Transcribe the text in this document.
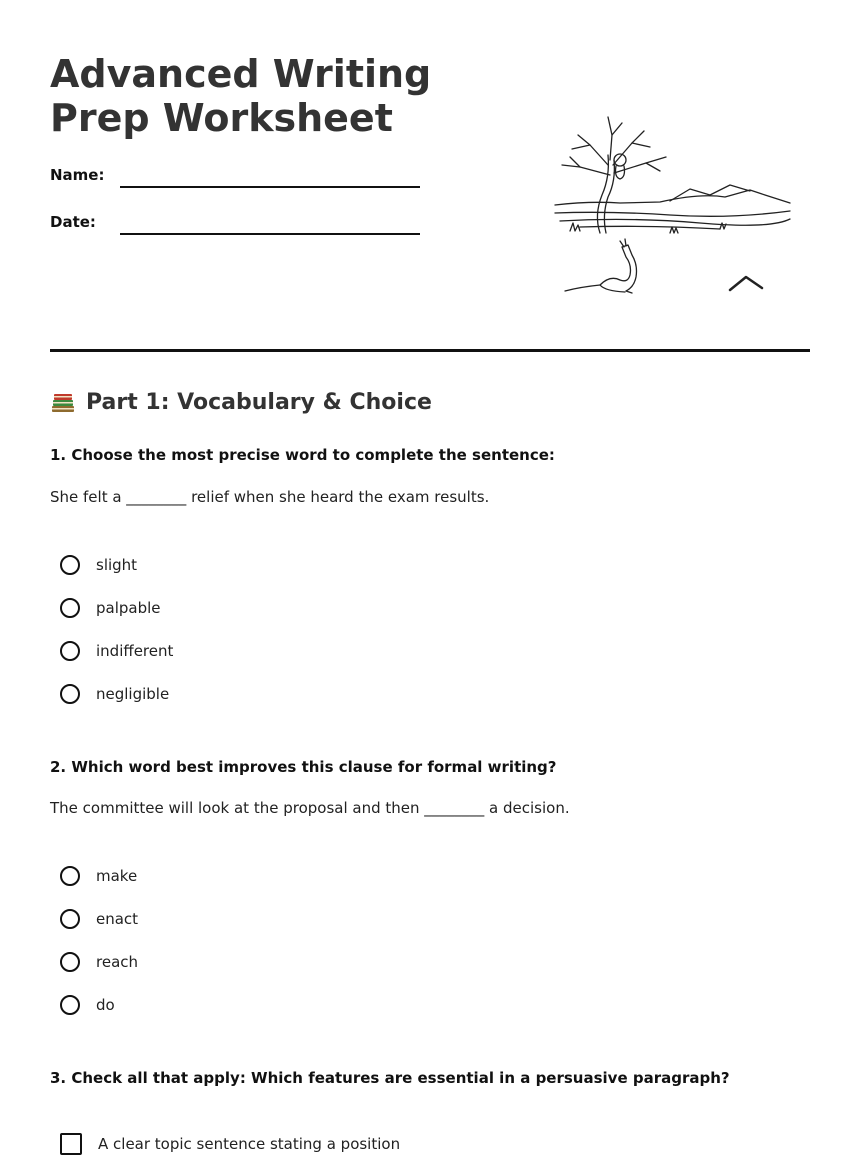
Advanced Writing Prep Worksheet
Name:
Date:
Part 1: Vocabulary & Choice
1. Choose the most precise word to complete the sentence:
She felt a ________ relief when she heard the exam results.
slight
palpable
indifferent
negligible
2. Which word best improves this clause for formal writing?
The committee will look at the proposal and then ________ a decision.
make
enact
reach
do
3. Check all that apply: Which features are essential in a persuasive paragraph?
A clear topic sentence stating a position
